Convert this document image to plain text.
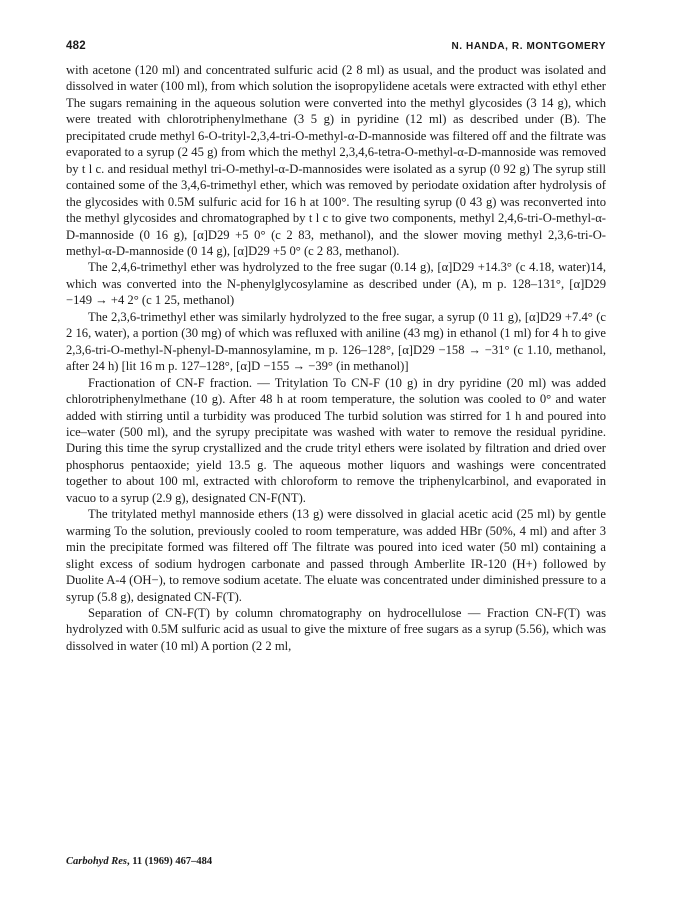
482	N. HANDA, R. MONTGOMERY

with acetone (120 ml) and concentrated sulfuric acid (2 8 ml) as usual, and the product was isolated and dissolved in water (100 ml), from which solution the isopropylidene acetals were extracted with ethyl ether The sugars remaining in the aqueous solution were converted into the methyl glycosides (3 14 g), which were treated with chlorotriphenylmethane (3 5 g) in pyridine (12 ml) as described under (B). The precipitated crude methyl 6-O-trityl-2,3,4-tri-O-methyl-α-D-mannoside was filtered off and the filtrate was evaporated to a syrup (2 45 g) from which the methyl 2,3,4,6-tetra-O-methyl-α-D-mannoside was removed by t l c. and residual methyl tri-O-methyl-α-D-mannosides were isolated as a syrup (0 92 g) The syrup still contained some of the 3,4,6-trimethyl ether, which was removed by periodate oxidation after hydrolysis of the glycosides with 0.5M sulfuric acid for 16 h at 100°. The resulting syrup (0 43 g) was reconverted into the methyl glycosides and chromatographed by t l c to give two components, methyl 2,4,6-tri-O-methyl-α-D-mannoside (0 16 g), [α]D29 +5 0° (c 2 83, methanol), and the slower moving methyl 2,3,6-tri-O-methyl-α-D-mannoside (0 14 g), [α]D29 +5 0° (c 2 83, methanol).

The 2,4,6-trimethyl ether was hydrolyzed to the free sugar (0.14 g), [α]D29 +14.3° (c 4.18, water)14, which was converted into the N-phenylglycosylamine as described under (A), m p. 128–131°, [α]D29 −149 → +4 2° (c 1 25, methanol)

The 2,3,6-trimethyl ether was similarly hydrolyzed to the free sugar, a syrup (0 11 g), [α]D29 +7.4° (c 2 16, water), a portion (30 mg) of which was refluxed with aniline (43 mg) in ethanol (1 ml) for 4 h to give 2,3,6-tri-O-methyl-N-phenyl-D-mannosylamine, m p. 126–128°, [α]D29 −158 → −31° (c 1.10, methanol, after 24 h) [lit 16 m p. 127–128°, [α]D −155 → −39° (in methanol)]

Fractionation of CN-F fraction. — Tritylation To CN-F (10 g) in dry pyridine (20 ml) was added chlorotriphenylmethane (10 g). After 48 h at room temperature, the solution was cooled to 0° and water added with stirring until a turbidity was produced The turbid solution was stirred for 1 h and poured into ice–water (500 ml), and the syrupy precipitate was washed with water to remove the residual pyridine. During this time the syrup crystallized and the crude trityl ethers were isolated by filtration and dried over phosphorus pentaoxide; yield 13.5 g. The aqueous mother liquors and washings were concentrated together to about 100 ml, extracted with chloroform to remove the triphenylcarbinol, and evaporated in vacuo to a syrup (2.9 g), designated CN-F(NT).

The tritylated methyl mannoside ethers (13 g) were dissolved in glacial acetic acid (25 ml) by gentle warming To the solution, previously cooled to room temperature, was added HBr (50%, 4 ml) and after 3 min the precipitate formed was filtered off The filtrate was poured into iced water (50 ml) containing a slight excess of sodium hydrogen carbonate and passed through Amberlite IR-120 (H+) followed by Duolite A-4 (OH−), to remove sodium acetate. The eluate was concentrated under diminished pressure to a syrup (5.8 g), designated CN-F(T).

Separation of CN-F(T) by column chromatography on hydrocellulose — Fraction CN-F(T) was hydrolyzed with 0.5M sulfuric acid as usual to give the mixture of free sugars as a syrup (5.56), which was dissolved in water (10 ml) A portion (2 2 ml,

Carbohyd Res, 11 (1969) 467–484
